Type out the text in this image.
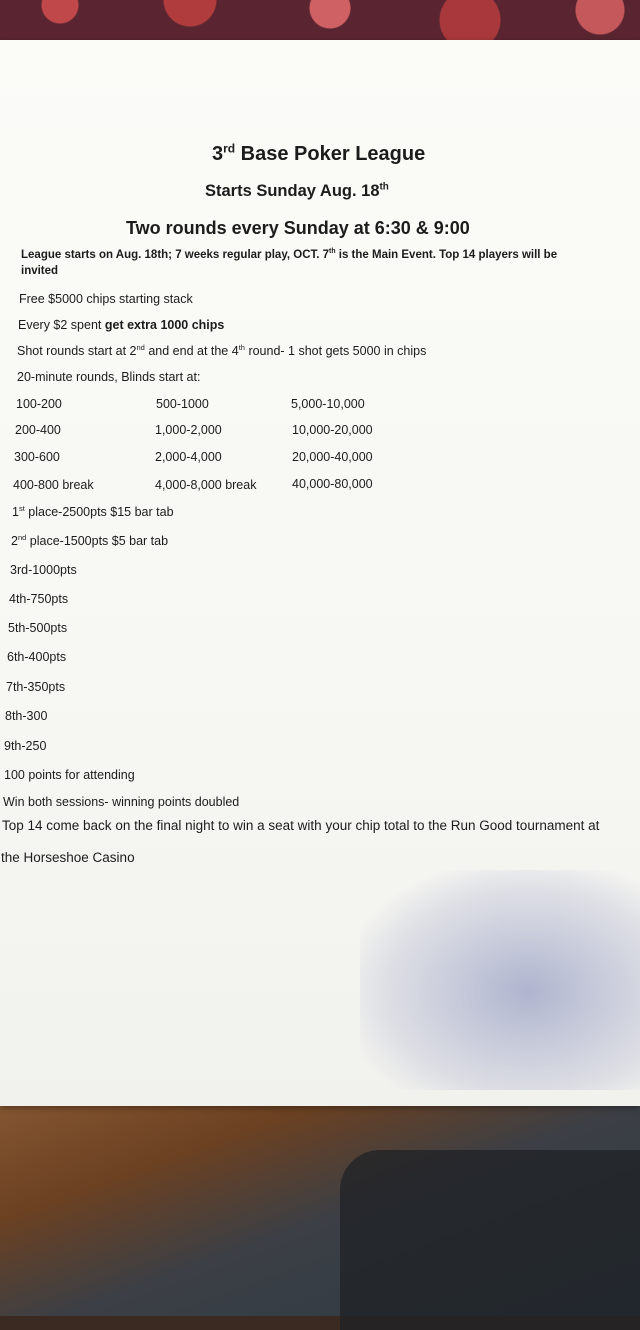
3rd Base Poker League
Starts Sunday Aug. 18th
Two rounds every Sunday at 6:30 & 9:00
League starts on Aug. 18th; 7 weeks regular play, OCT. 7th is the Main Event. Top 14 players will be
invited
Free $5000 chips starting stack
Every $2 spent get extra 1000 chips
Shot rounds start at 2nd and end at the 4th round- 1 shot gets 5000 in chips
20-minute rounds, Blinds start at:
100-200	500-1000	5,000-10,000
200-400	1,000-2,000	10,000-20,000
300-600	2,000-4,000	20,000-40,000
400-800 break	4,000-8,000 break	40,000-80,000
1st place-2500pts $15 bar tab
2nd place-1500pts $5 bar tab
3rd-1000pts
4th-750pts
5th-500pts
6th-400pts
7th-350pts
8th-300
9th-250
100 points for attending
Win both sessions- winning points doubled
Top 14 come back on the final night to win a seat with your chip total to the Run Good tournament at
the Horseshoe Casino
